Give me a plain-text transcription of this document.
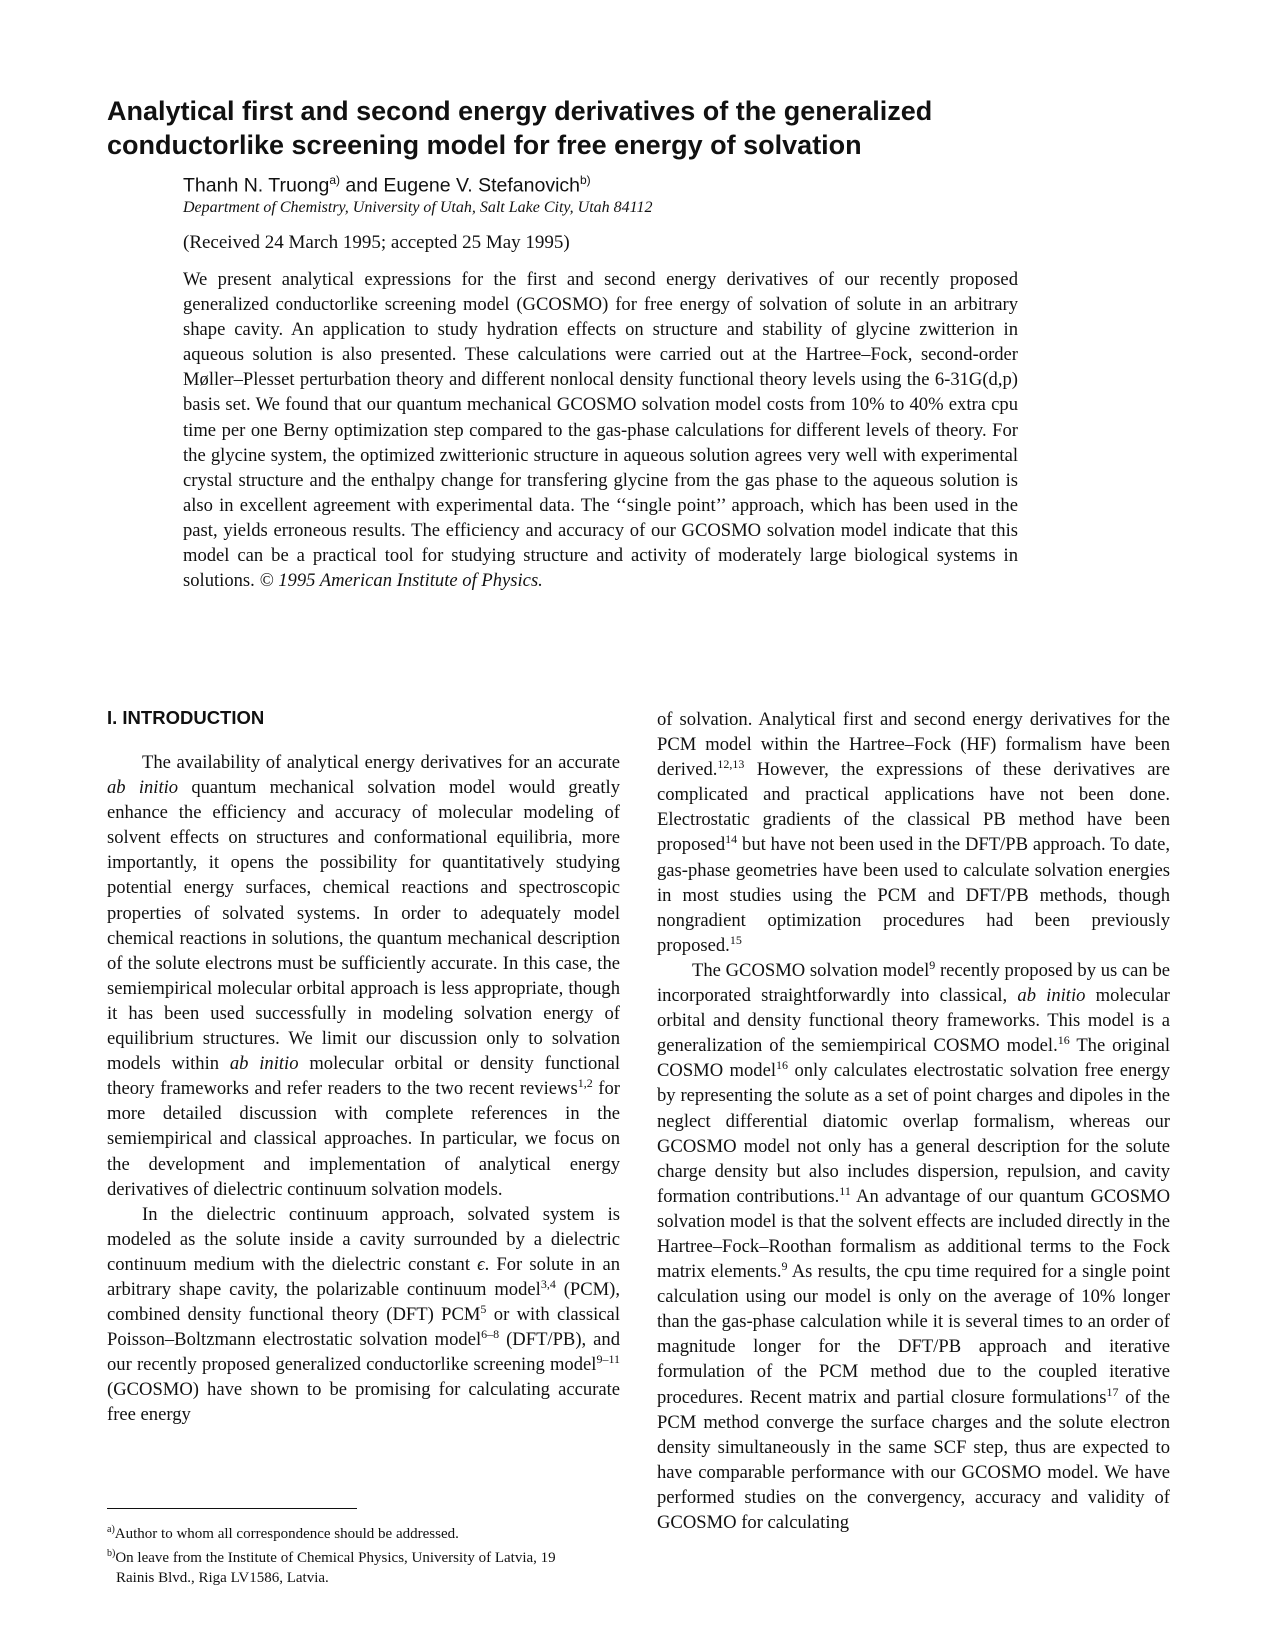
Analytical first and second energy derivatives of the generalized conductorlike screening model for free energy of solvation
Thanh N. Truong$^{a)}$ and Eugene V. Stefanovich$^{b)}$
Department of Chemistry, University of Utah, Salt Lake City, Utah 84112
(Received 24 March 1995; accepted 25 May 1995)

We present analytical expressions for the first and second energy derivatives of our recently proposed generalized conductorlike screening model (GCOSMO) for free energy of solvation of solute in an arbitrary shape cavity. An application to study hydration effects on structure and stability of glycine zwitterion in aqueous solution is also presented. These calculations were carried out at the Hartree–Fock, second-order Møller–Plesset perturbation theory and different nonlocal density functional theory levels using the 6-31G(d,p) basis set. We found that our quantum mechanical GCOSMO solvation model costs from 10% to 40% extra cpu time per one Berny optimization step compared to the gas-phase calculations for different levels of theory. For the glycine system, the optimized zwitterionic structure in aqueous solution agrees very well with experimental crystal structure and the enthalpy change for transfering glycine from the gas phase to the aqueous solution is also in excellent agreement with experimental data. The ‘‘single point’’ approach, which has been used in the past, yields erroneous results. The efficiency and accuracy of our GCOSMO solvation model indicate that this model can be a practical tool for studying structure and activity of moderately large biological systems in solutions. © 1995 American Institute of Physics.

I. INTRODUCTION

The availability of analytical energy derivatives for an accurate ab initio quantum mechanical solvation model would greatly enhance the efficiency and accuracy of molecular modeling of solvent effects on structures and conformational equilibria, more importantly, it opens the possibility for quantitatively studying potential energy surfaces, chemical reactions and spectroscopic properties of solvated systems. In order to adequately model chemical reactions in solutions, the quantum mechanical description of the solute electrons must be sufficiently accurate. In this case, the semiempirical molecular orbital approach is less appropriate, though it has been used successfully in modeling solvation energy of equilibrium structures. We limit our discussion only to solvation models within ab initio molecular orbital or density functional theory frameworks and refer readers to the two recent reviews$^{1,2}$ for more detailed discussion with complete references in the semiempirical and classical approaches. In particular, we focus on the development and implementation of analytical energy derivatives of dielectric continuum solvation models.

In the dielectric continuum approach, solvated system is modeled as the solute inside a cavity surrounded by a dielectric continuum medium with the dielectric constant ϵ. For solute in an arbitrary shape cavity, the polarizable continuum model$^{3,4}$ (PCM), combined density functional theory (DFT) PCM$^5$ or with classical Poisson–Boltzmann electrostatic solvation model$^{6-8}$ (DFT/PB), and our recently proposed generalized conductorlike screening model$^{9-11}$ (GCOSMO) have shown to be promising for calculating accurate free energy

of solvation. Analytical first and second energy derivatives for the PCM model within the Hartree–Fock (HF) formalism have been derived.$^{12,13}$ However, the expressions of these derivatives are complicated and practical applications have not been done. Electrostatic gradients of the classical PB method have been proposed$^{14}$ but have not been used in the DFT/PB approach. To date, gas-phase geometries have been used to calculate solvation energies in most studies using the PCM and DFT/PB methods, though nongradient optimization procedures had been previously proposed.$^{15}$

The GCOSMO solvation model$^9$ recently proposed by us can be incorporated straightforwardly into classical, ab initio molecular orbital and density functional theory frameworks. This model is a generalization of the semiempirical COSMO model.$^{16}$ The original COSMO model$^{16}$ only calculates electrostatic solvation free energy by representing the solute as a set of point charges and dipoles in the neglect differential diatomic overlap formalism, whereas our GCOSMO model not only has a general description for the solute charge density but also includes dispersion, repulsion, and cavity formation contributions.$^{11}$ An advantage of our quantum GCOSMO solvation model is that the solvent effects are included directly in the Hartree–Fock–Roothan formalism as additional terms to the Fock matrix elements.$^9$ As results, the cpu time required for a single point calculation using our model is only on the average of 10% longer than the gas-phase calculation while it is several times to an order of magnitude longer for the DFT/PB approach and iterative formulation of the PCM method due to the coupled iterative procedures. Recent matrix and partial closure formulations$^{17}$ of the PCM method converge the surface charges and the solute electron density simultaneously in the same SCF step, thus are expected to have comparable performance with our GCOSMO model. We have performed studies on the convergency, accuracy and validity of GCOSMO for calculating

$^{a)}$Author to whom all correspondence should be addressed.

$^{b)}$On leave from the Institute of Chemical Physics, University of Latvia, 19

Rainis Blvd., Riga LV1586, Latvia.
